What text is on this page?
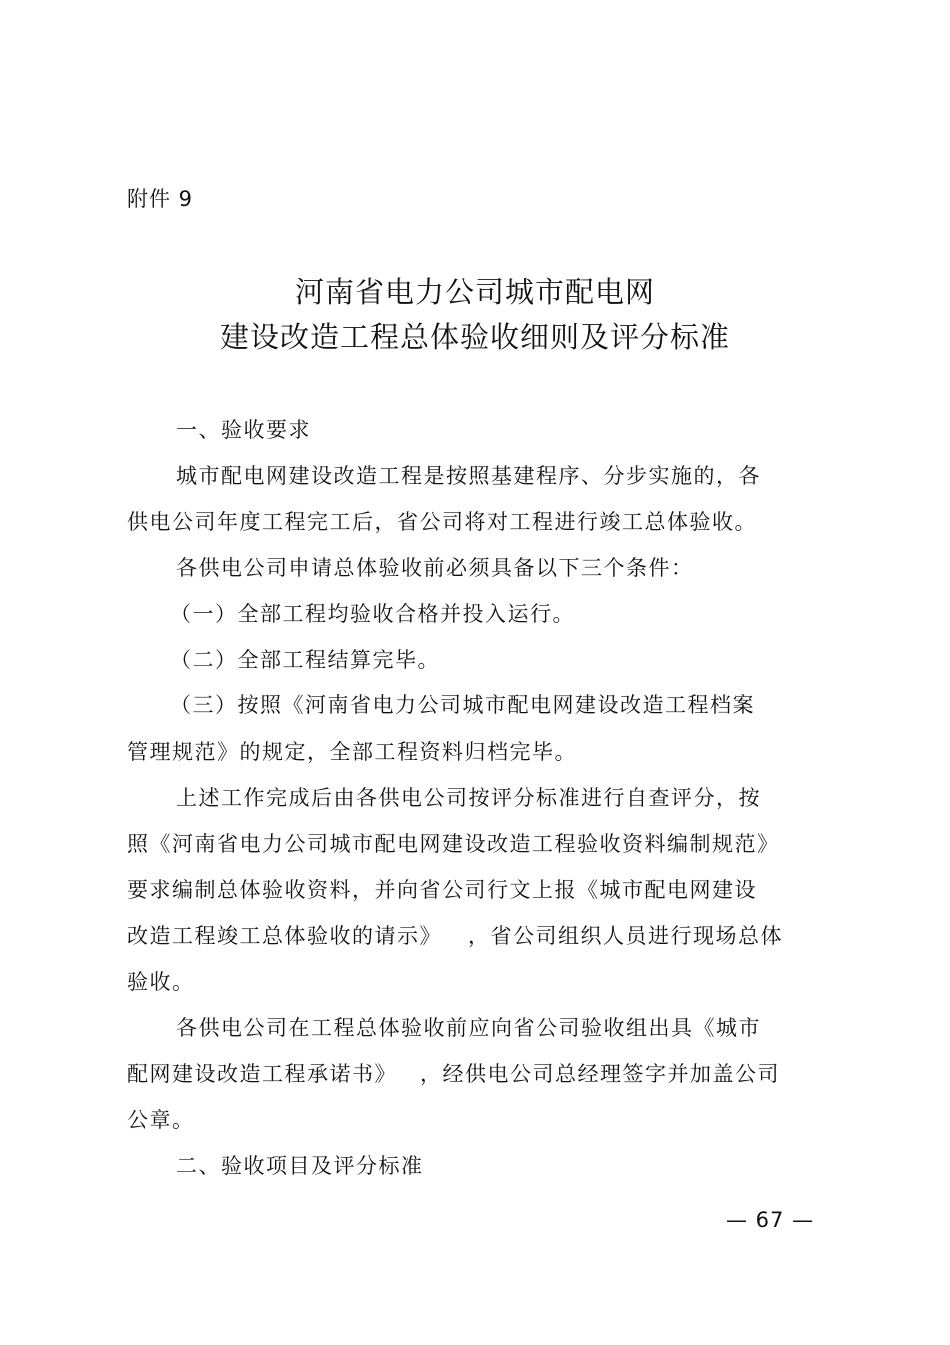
附件 9
河南省电力公司城市配电网
建设改造工程总体验收细则及评分标准
一、验收要求
城市配电网建设改造工程是按照基建程序、分步实施的，各
供电公司年度工程完工后，省公司将对工程进行竣工总体验收。
各供电公司申请总体验收前必须具备以下三个条件：
（一）全部工程均验收合格并投入运行。
（二）全部工程结算完毕。
（三）按照《河南省电力公司城市配电网建设改造工程档案
管理规范》的规定，全部工程资料归档完毕。
上述工作完成后由各供电公司按评分标准进行自查评分，按
照《河南省电力公司城市配电网建设改造工程验收资料编制规范》
要求编制总体验收资料，并向省公司行文上报《城市配电网建设
改造工程竣工总体验收的请示》 ，省公司组织人员进行现场总体
验收。
各供电公司在工程总体验收前应向省公司验收组出具《城市
配网建设改造工程承诺书》 ，经供电公司总经理签字并加盖公司
公章。
二、验收项目及评分标准
— 67 —
